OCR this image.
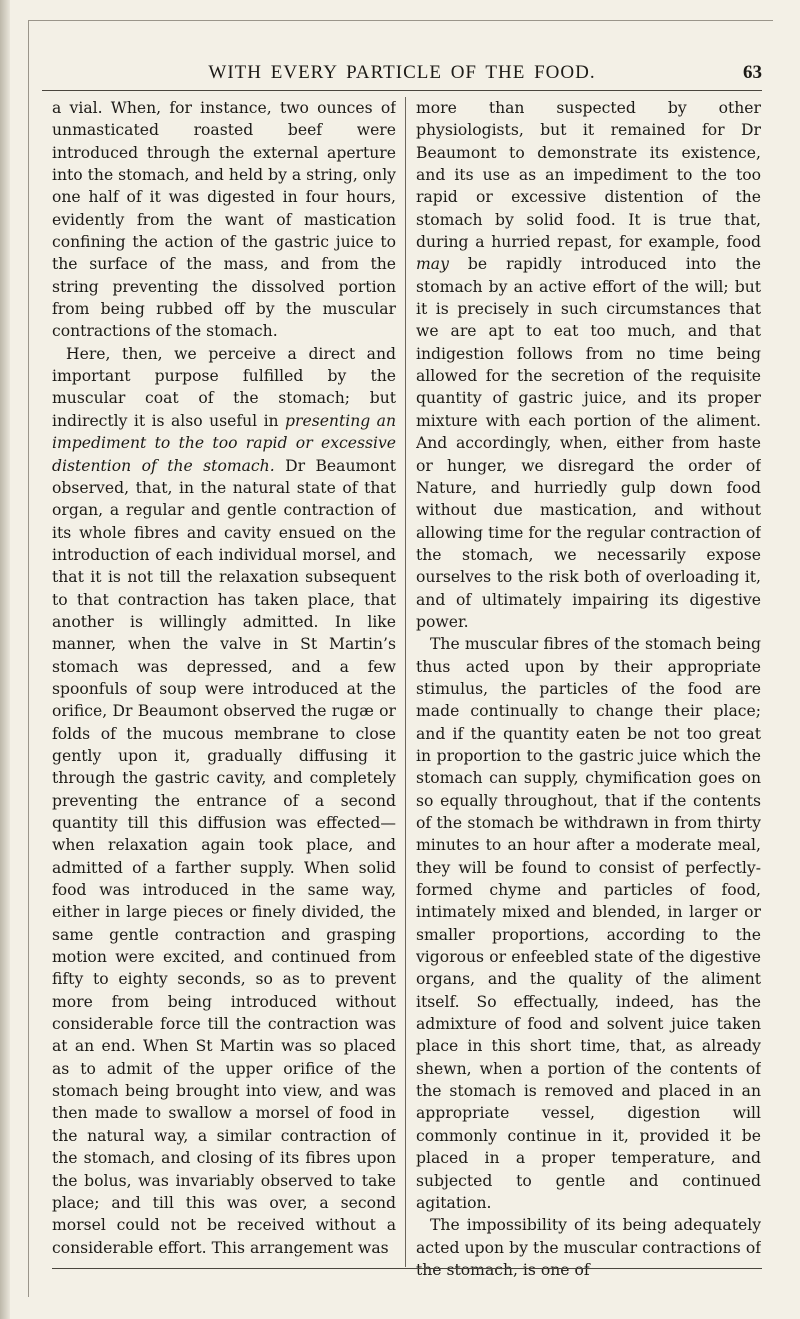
WITH EVERY PARTICLE OF THE FOOD.	63

a vial. When, for instance, two ounces of unmasticated roasted beef were introduced through the external aperture into the stomach, and held by a string, only one half of it was digested in four hours, evidently from the want of mastication confining the action of the gastric juice to the surface of the mass, and from the string preventing the dissolved portion from being rubbed off by the muscular contractions of the stomach.

Here, then, we perceive a direct and important purpose fulfilled by the muscular coat of the stomach; but indirectly it is also useful in presenting an impediment to the too rapid or excessive distention of the stomach. Dr Beaumont observed, that, in the natural state of that organ, a regular and gentle contraction of its whole fibres and cavity ensued on the introduction of each individual morsel, and that it is not till the relaxation subsequent to that contraction has taken place, that another is willingly admitted. In like manner, when the valve in St Martin’s stomach was depressed, and a few spoonfuls of soup were introduced at the orifice, Dr Beaumont observed the rugæ or folds of the mucous membrane to close gently upon it, gradually diffusing it through the gastric cavity, and completely preventing the entrance of a second quantity till this diffusion was effected—when relaxation again took place, and admitted of a farther supply. When solid food was introduced in the same way, either in large pieces or finely divided, the same gentle contraction and grasping motion were excited, and continued from fifty to eighty seconds, so as to prevent more from being introduced without considerable force till the contraction was at an end. When St Martin was so placed as to admit of the upper orifice of the stomach being brought into view, and was then made to swallow a morsel of food in the natural way, a similar contraction of the stomach, and closing of its fibres upon the bolus, was invariably observed to take place; and till this was over, a second morsel could not be received without a considerable effort. This arrangement was

more than suspected by other physiologists, but it remained for Dr Beaumont to demonstrate its existence, and its use as an impediment to the too rapid or excessive distention of the stomach by solid food. It is true that, during a hurried repast, for example, food may be rapidly introduced into the stomach by an active effort of the will; but it is precisely in such circumstances that we are apt to eat too much, and that indigestion follows from no time being allowed for the secretion of the requisite quantity of gastric juice, and its proper mixture with each portion of the aliment. And accordingly, when, either from haste or hunger, we disregard the order of Nature, and hurriedly gulp down food without due mastication, and without allowing time for the regular contraction of the stomach, we necessarily expose ourselves to the risk both of overloading it, and of ultimately impairing its digestive power.

The muscular fibres of the stomach being thus acted upon by their appropriate stimulus, the particles of the food are made continually to change their place; and if the quantity eaten be not too great in proportion to the gastric juice which the stomach can supply, chymification goes on so equally throughout, that if the contents of the stomach be withdrawn in from thirty minutes to an hour after a moderate meal, they will be found to consist of perfectly-formed chyme and particles of food, intimately mixed and blended, in larger or smaller proportions, according to the vigorous or enfeebled state of the digestive organs, and the quality of the aliment itself. So effectually, indeed, has the admixture of food and solvent juice taken place in this short time, that, as already shewn, when a portion of the contents of the stomach is removed and placed in an appropriate vessel, digestion will commonly continue in it, provided it be placed in a proper temperature, and subjected to gentle and continued agitation.

The impossibility of its being adequately acted upon by the muscular contractions of the stomach, is one of
